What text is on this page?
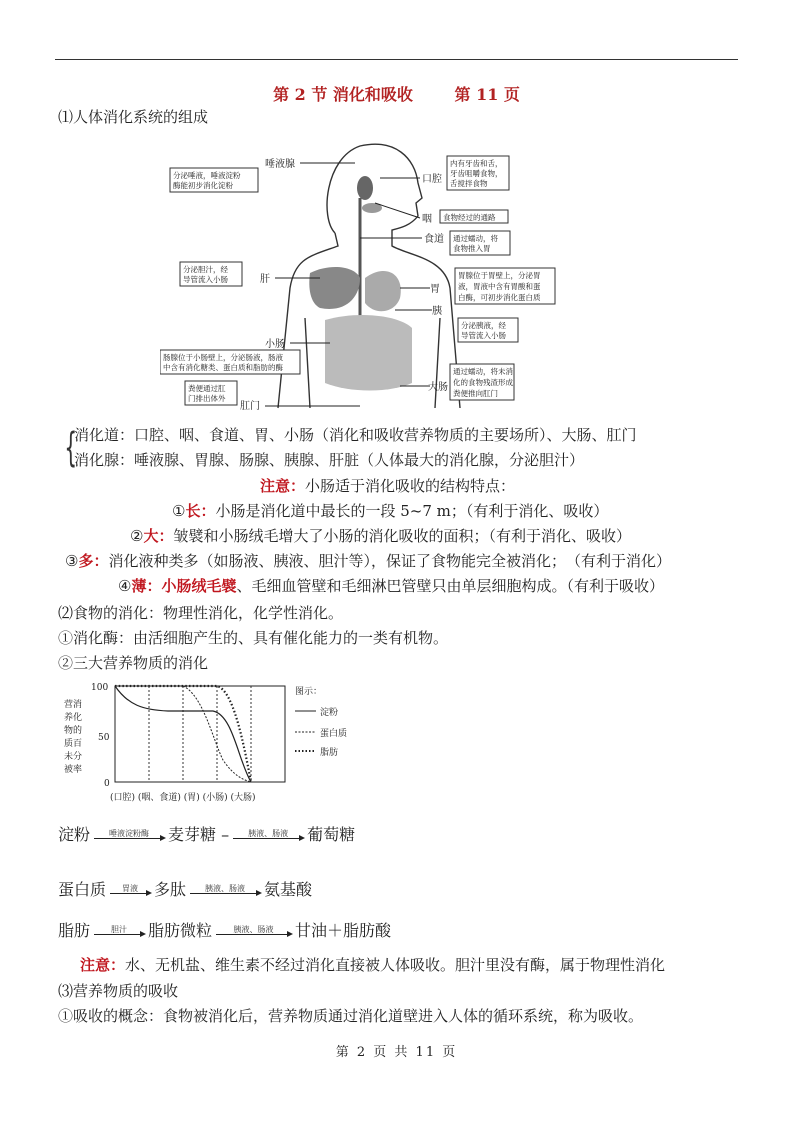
第 2 节 消化和吸收	第 11 页
⑴人体消化系统的组成
唾液腺
口腔
咽
食道
肝
胃
胰
小肠
大肠
肛门
分泌唾液，唾液淀粉
酶能初步消化淀粉
内有牙齿和舌，
牙齿咀嚼食物，
舌搅拌食物
食物经过的通路
通过蠕动，将
食物推入胃
分泌胆汁，经
导管流入小肠	胃腺位于胃壁上，分泌胃
液，胃液中含有胃酸和蛋
白酶，可初步消化蛋白质
分泌胰液，经
导管流入小肠
肠腺位于小肠壁上，分泌肠液，肠液
中含有消化糖类、蛋白质和脂肪的酶	通过蠕动，将未消
化的食物残渣形成
粪便推向肛门
粪便通过肛
门排出体外
{
消化道：口腔、咽、食道、胃、小肠（消化和吸收营养物质的主要场所）、大肠、肛门
消化腺：唾液腺、胃腺、肠腺、胰腺、肝脏（人体最大的消化腺，分泌胆汁）
注意：小肠适于消化吸收的结构特点：
①长：小肠是消化道中最长的一段 5~7 m；（有利于消化、吸收）
②大：皱襞和小肠绒毛增大了小肠的消化吸收的面积；（有利于消化、吸收）
③多：消化液种类多（如肠液、胰液、胆汁等），保证了食物能完全被消化；　（有利于消化）
④薄：小肠绒毛襞、毛细血管壁和毛细淋巴管壁只由单层细胞构成。（有利于吸收）
⑵食物的消化：物理性消化，化学性消化。
①消化酶：由活细胞产生的、具有催化能力的一类有机物。
②三大营养物质的消化
营消
养化
物的
质百
未分
被率
100
50
0
(口腔) (咽、食道) (胃) (小肠) (大肠)
图示：
淀粉
蛋白质
脂肪
淀粉 唾液淀粉酶 麦芽糖 – 胰液、肠液 葡萄糖
蛋白质 胃液 多肽 胰液、肠液 氨基酸
脂肪	胆汁 脂肪微粒	胰液、肠液 甘油＋脂肪酸
注意：水、无机盐、维生素不经过消化直接被人体吸收。胆汁里没有酶，属于物理性消化
⑶营养物质的吸收
①吸收的概念：食物被消化后，营养物质通过消化道壁进入人体的循环系统，称为吸收。
第 2 页 共 11 页
